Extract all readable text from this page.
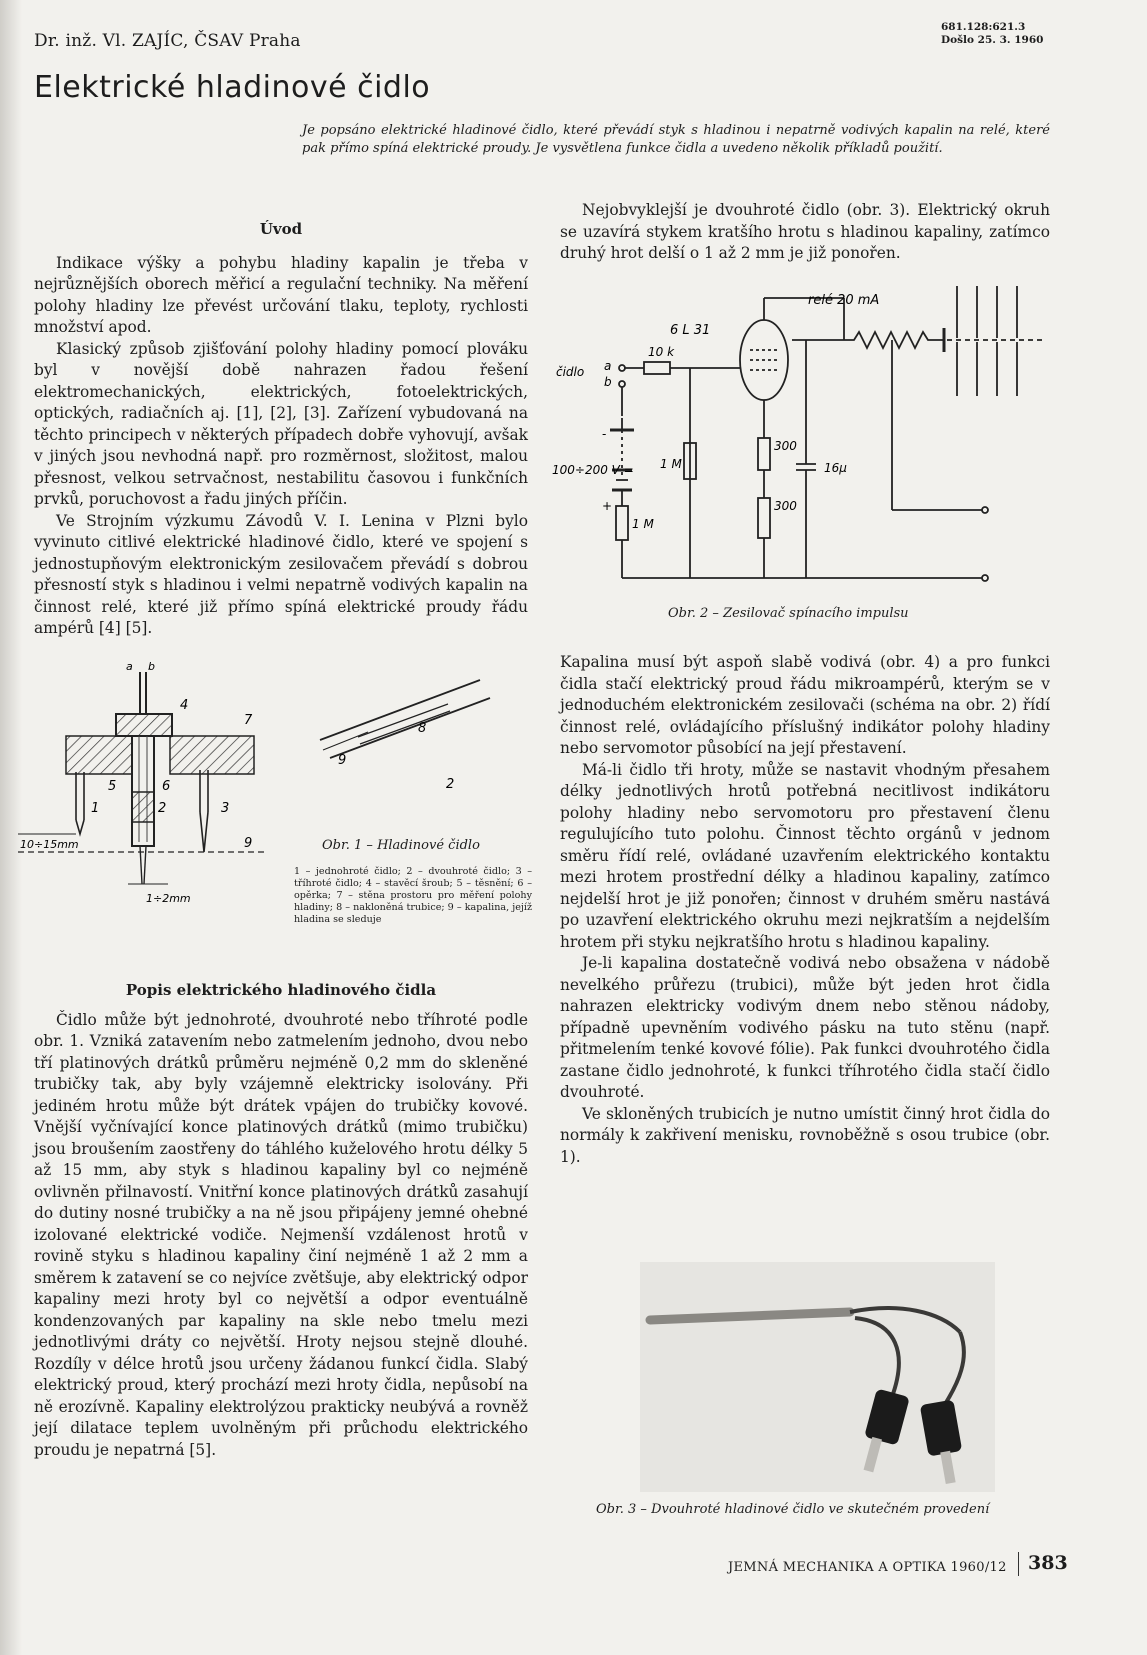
Dr. inž. Vl. ZAJÍC, ČSAV Praha
681.128:621.3
Došlo 25. 3. 1960
Elektrické hladinové čidlo
Je popsáno elektrické hladinové čidlo, které převádí styk s hladinou i nepatrně vodivých kapalin na relé, které pak přímo spíná elektrické proudy. Je vysvětlena funkce čidla a uvedeno několik příkladů použití.
Úvod

Indikace výšky a pohybu hladiny kapalin je třeba v nejrůznějších oborech měřicí a regulační techniky. Na měření polohy hladiny lze převést určování tlaku, teploty, rychlosti množství apod.

Klasický způsob zjišťování polohy hladiny pomocí plováku byl v novější době nahrazen řadou řešení elektromechanických, elektrických, fotoelektrických, optických, radiačních aj. [1], [2], [3]. Zařízení vybudovaná na těchto principech v některých případech dobře vyhovují, avšak v jiných jsou nevhodná např. pro rozměrnost, složitost, malou přesnost, velkou setrvačnost, nestabilitu časovou i funkčních prvků, poruchovost a řadu jiných příčin.

Ve Strojním výzkumu Závodů V. I. Lenina v Plzni bylo vyvinuto citlivé elektrické hladinové čidlo, které ve spojení s jednostupňovým elektronickým zesilovačem převádí s dobrou přesností styk s hladinou i velmi nepatrně vodivých kapalin na činnost relé, které již přímo spíná elektrické proudy řádu ampérů [4] [5].

a b
4
7
5	6
1	2	3
9
10÷15mm
1÷2mm
8
9
2
Obr. 1 – Hladinové čidlo
1 – jednohroté čidlo; 2 – dvouhroté čidlo; 3 – tříhroté čidlo; 4 – stavěcí šroub; 5 – těsnění; 6 – opěrka; 7 – stěna prostoru pro měření polohy hladiny; 8 – nakloněná trubice; 9 – kapalina, jejíž hladina se sleduje
Popis elektrického hladinového čidla

Čidlo může být jednohroté, dvouhroté nebo tříhroté podle obr. 1. Vzniká zatavením nebo zatmelením jednoho, dvou nebo tří platinových drátků průměru nejméně 0,2 mm do skleněné trubičky tak, aby byly vzájemně elektricky isolovány. Při jediném hrotu může být drátek vpájen do trubičky kovové. Vnější vyčnívající konce platinových drátků (mimo trubičku) jsou broušením zaostřeny do táhlého kuželového hrotu délky 5 až 15 mm, aby styk s hladinou kapaliny byl co nejméně ovlivněn přilnavostí. Vnitřní konce platinových drátků zasahují do dutiny nosné trubičky a na ně jsou připájeny jemné ohebné izolované elektrické vodiče. Nejmenší vzdálenost hrotů v rovině styku s hladinou kapaliny činí nejméně 1 až 2 mm a směrem k zatavení se co nejvíce zvětšuje, aby elektrický odpor kapaliny mezi hroty byl co největší a odpor eventuálně kondenzovaných par kapaliny na skle nebo tmelu mezi jednotlivými dráty co největší. Hroty nejsou stejně dlouhé. Rozdíly v délce hrotů jsou určeny žádanou funkcí čidla. Slabý elektrický proud, který prochází mezi hroty čidla, nepůsobí na ně erozívně. Kapaliny elektrolýzou prakticky neubývá a rovněž její dilatace teplem uvolněným při průchodu elektrického proudu je nepatrná [5].

Nejobvyklejší je dvouhroté čidlo (obr. 3). Elektrický okruh se uzavírá stykem kratšího hrotu s hladinou kapaliny, zatímco druhý hrot delší o 1 až 2 mm je již ponořen.

relé 20 mA
6 L 31
10 k
čidlo a
b
300
300
1 M
1 M
16μ
100÷200 V =
-
+
Obr. 2 – Zesilovač spínacího impulsu

Kapalina musí být aspoň slabě vodivá (obr. 4) a pro funkci čidla stačí elektrický proud řádu mikroampérů, kterým se v jednoduchém elektronickém zesilovači (schéma na obr. 2) řídí činnost relé, ovládajícího příslušný indikátor polohy hladiny nebo servomotor působící na její přestavení.

Má-li čidlo tři hroty, může se nastavit vhodným přesahem délky jednotlivých hrotů potřebná necitlivost indikátoru polohy hladiny nebo servomotoru pro přestavení členu regulujícího tuto polohu. Činnost těchto orgánů v jednom směru řídí relé, ovládané uzavřením elektrického kontaktu mezi hrotem prostřední délky a hladinou kapaliny, zatímco nejdelší hrot je již ponořen; činnost v druhém směru nastává po uzavření elektrického okruhu mezi nejkratším a nejdelším hrotem při styku nejkratšího hrotu s hladinou kapaliny.

Je-li kapalina dostatečně vodivá nebo obsažena v nádobě nevelkého průřezu (trubici), může být jeden hrot čidla nahrazen elektricky vodivým dnem nebo stěnou nádoby, případně upevněním vodivého pásku na tuto stěnu (např. přitmelením tenké kovové fólie). Pak funkci dvouhrotého čidla zastane čidlo jednohroté, k funkci tříhrotého čidla stačí čidlo dvouhroté.

Ve skloněných trubicích je nutno umístit činný hrot čidla do normály k zakřivení menisku, rovnoběžně s osou trubice (obr. 1).

Obr. 3 – Dvouhroté hladinové čidlo ve skutečném provedení
JEMNÁ MECHANIKA A OPTIKA 1960/12 383
